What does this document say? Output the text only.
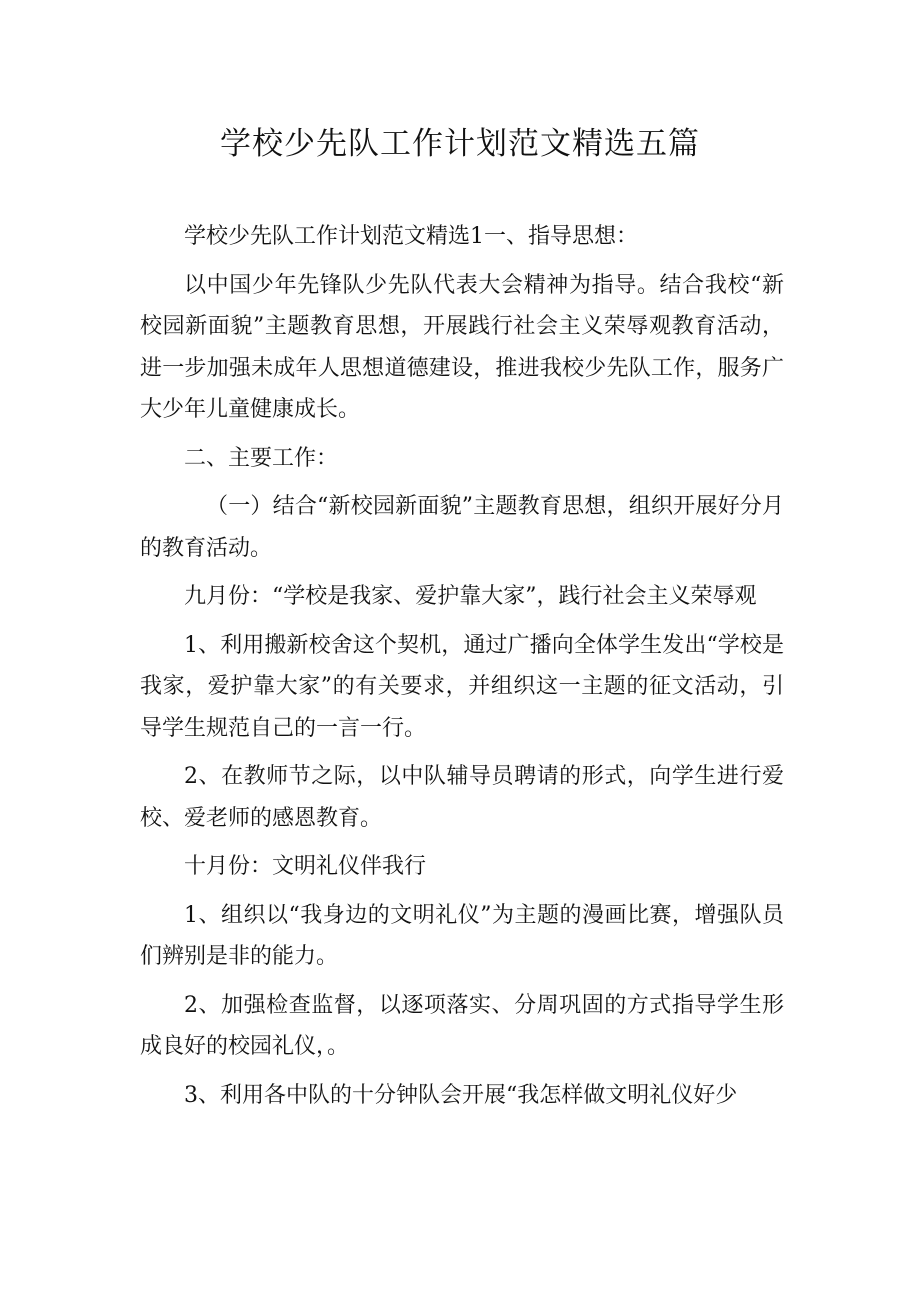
学校少先队工作计划范文精选五篇

学校少先队工作计划范文精选1一、指导思想：

以中国少年先锋队少先队代表大会精神为指导。结合我校“新校园新面貌”主题教育思想，开展践行社会主义荣辱观教育活动，进一步加强未成年人思想道德建设，推进我校少先队工作，服务广大少年儿童健康成长。

二、主要工作：

（一）结合“新校园新面貌”主题教育思想，组织开展好分月的教育活动。

九月份：“学校是我家、爱护靠大家”，践行社会主义荣辱观

1、利用搬新校舍这个契机，通过广播向全体学生发出“学校是我家，爱护靠大家”的有关要求，并组织这一主题的征文活动，引导学生规范自己的一言一行。

2、在教师节之际，以中队辅导员聘请的形式，向学生进行爱校、爱老师的感恩教育。

十月份：文明礼仪伴我行

1、组织以“我身边的文明礼仪”为主题的漫画比赛，增强队员们辨别是非的能力。

2、加强检查监督，以逐项落实、分周巩固的方式指导学生形成良好的校园礼仪，。

3、利用各中队的十分钟队会开展“我怎样做文明礼仪好少
